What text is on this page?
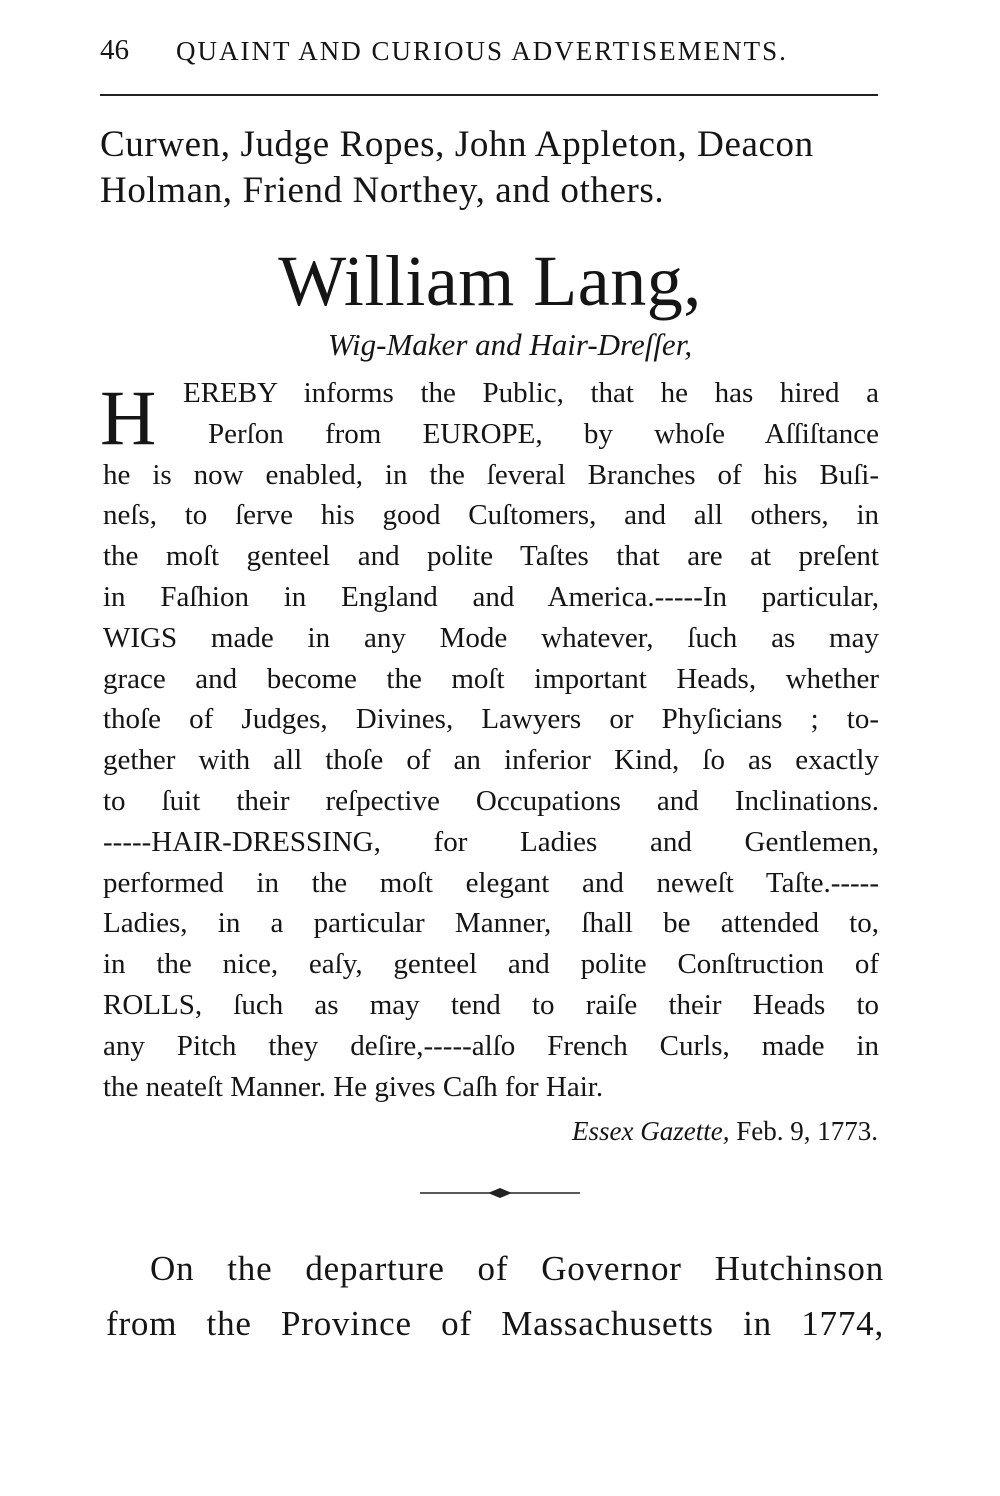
46 QUAINT AND CURIOUS ADVERTISEMENTS.
Curwen, Judge Ropes, John Appleton, Deacon
Holman, Friend Northey, and others.
William Lang,
Wig-Maker and Hair-Dreſſer,
H EREBY informs the Public, that he has hired a
Perſon from EUROPE, by whoſe Aſſiſtance
he is now enabled, in the ſeveral Branches of his Buſi-
neſs, to ſerve his good Cuſtomers, and all others, in
the moſt genteel and polite Taſtes that are at preſent
in Faſhion in England and America.-----In particular,
WIGS made in any Mode whatever, ſuch as may
grace and become the moſt important Heads, whether
thoſe of Judges, Divines, Lawyers or Phyſicians ; to-
gether with all thoſe of an inferior Kind, ſo as exactly
to ſuit their reſpective Occupations and Inclinations.
-----HAIR-DRESSING, for Ladies and Gentlemen,
performed in the moſt elegant and neweſt Taſte.-----
Ladies, in a particular Manner, ſhall be attended to,
in the nice, eaſy, genteel and polite Conſtruction of
ROLLS, ſuch as may tend to raiſe their Heads to
any Pitch they deſire,-----alſo French Curls, made in
the neateſt Manner. He gives Caſh for Hair.
Essex Gazette, Feb. 9, 1773.
On the departure of Governor Hutchinson
from the Province of Massachusetts in 1774,
